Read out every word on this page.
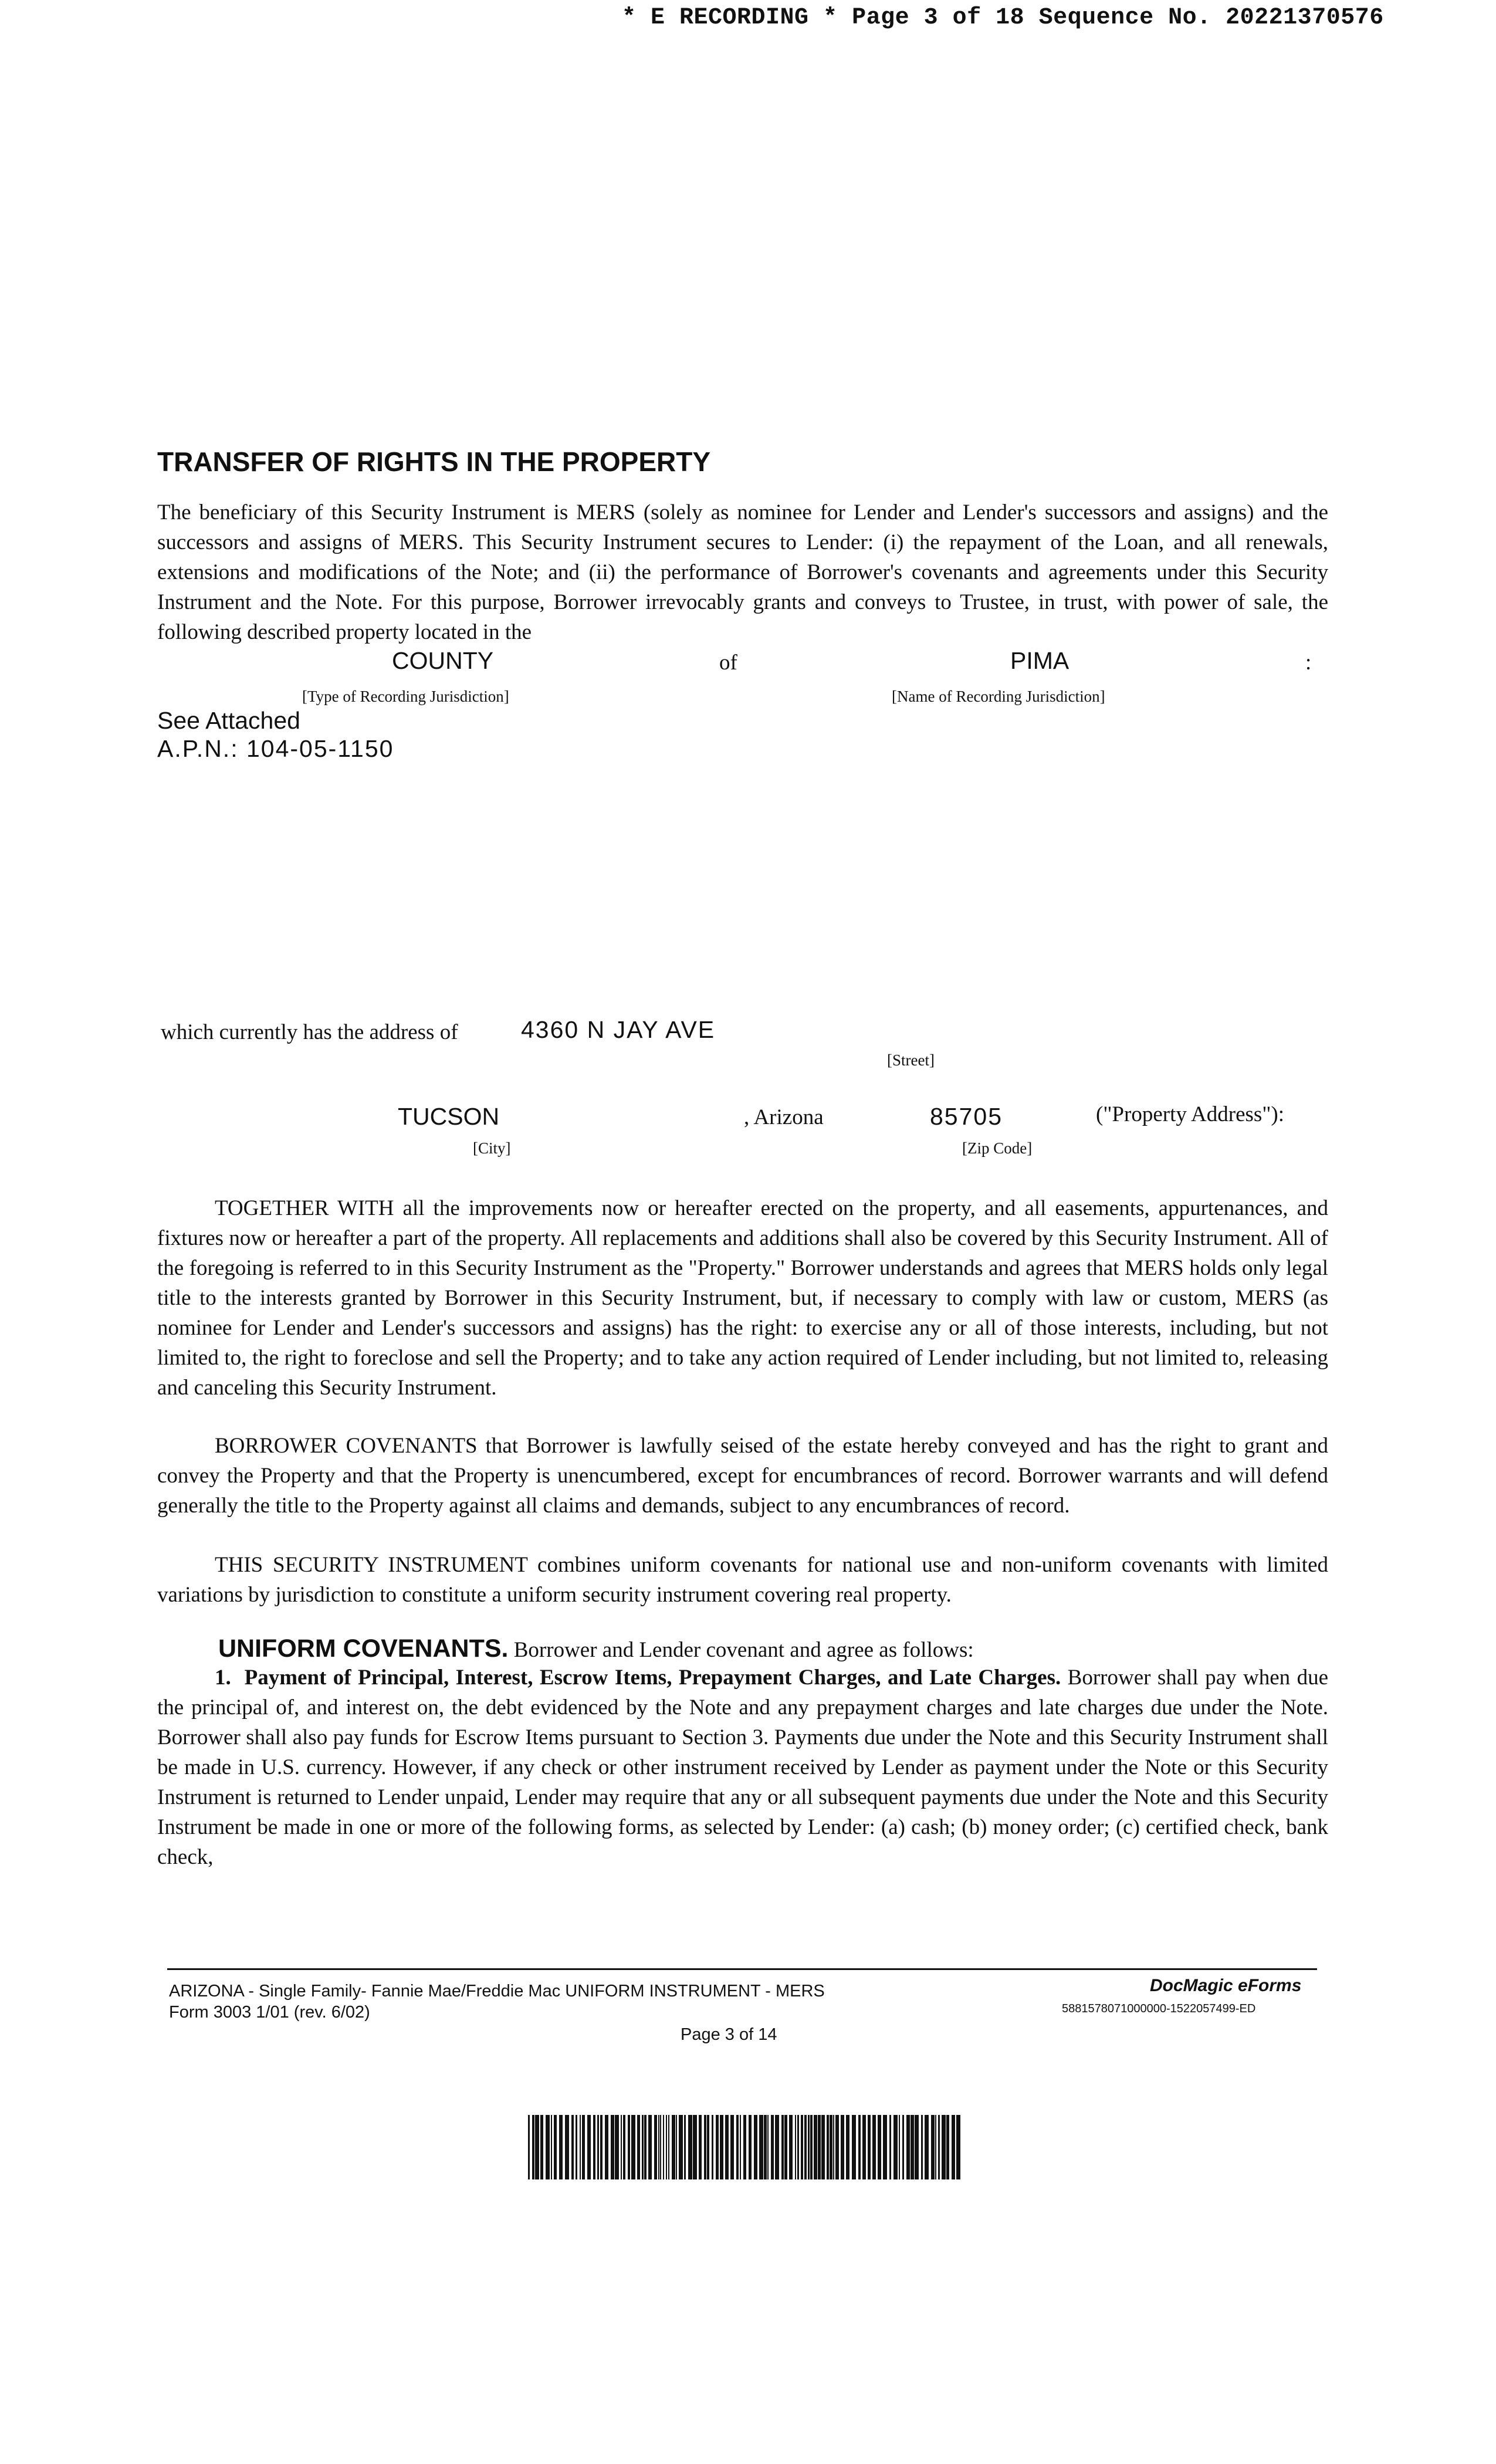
* E RECORDING * Page 3 of 18 Sequence No. 20221370576
TRANSFER OF RIGHTS IN THE PROPERTY
The beneficiary of this Security Instrument is MERS (solely as nominee for Lender and Lender's successors and assigns) and the successors and assigns of MERS. This Security Instrument secures to Lender: (i) the repayment of the Loan, and all renewals, extensions and modifications of the Note; and (ii) the performance of Borrower's covenants and agreements under this Security Instrument and the Note. For this purpose, Borrower irrevocably grants and conveys to Trustee, in trust, with power of sale, the following described property located in the
COUNTY	of	PIMA	:
[Type of Recording Jurisdiction]	[Name of Recording Jurisdiction]
See Attached
A.P.N.: 104-05-1150
which currently has the address of	4360 N JAY AVE
[Street]
TUCSON	, Arizona	85705	("Property Address"):
[City]	[Zip Code]
TOGETHER WITH all the improvements now or hereafter erected on the property, and all easements, appurtenances, and fixtures now or hereafter a part of the property. All replacements and additions shall also be covered by this Security Instrument. All of the foregoing is referred to in this Security Instrument as the "Property." Borrower understands and agrees that MERS holds only legal title to the interests granted by Borrower in this Security Instrument, but, if necessary to comply with law or custom, MERS (as nominee for Lender and Lender's successors and assigns) has the right: to exercise any or all of those interests, including, but not limited to, the right to foreclose and sell the Property; and to take any action required of Lender including, but not limited to, releasing and canceling this Security Instrument.
BORROWER COVENANTS that Borrower is lawfully seised of the estate hereby conveyed and has the right to grant and convey the Property and that the Property is unencumbered, except for encumbrances of record. Borrower warrants and will defend generally the title to the Property against all claims and demands, subject to any encumbrances of record.
THIS SECURITY INSTRUMENT combines uniform covenants for national use and non-uniform covenants with limited variations by jurisdiction to constitute a uniform security instrument covering real property.
UNIFORM COVENANTS. Borrower and Lender covenant and agree as follows:
1. Payment of Principal, Interest, Escrow Items, Prepayment Charges, and Late Charges. Borrower shall pay when due the principal of, and interest on, the debt evidenced by the Note and any prepayment charges and late charges due under the Note. Borrower shall also pay funds for Escrow Items pursuant to Section 3. Payments due under the Note and this Security Instrument shall be made in U.S. currency. However, if any check or other instrument received by Lender as payment under the Note or this Security Instrument is returned to Lender unpaid, Lender may require that any or all subsequent payments due under the Note and this Security Instrument be made in one or more of the following forms, as selected by Lender: (a) cash; (b) money order; (c) certified check, bank check,
ARIZONA - Single Family- Fannie Mae/Freddie Mac UNIFORM INSTRUMENT - MERS
Form 3003 1/01 (rev. 6/02)
Page 3 of 14
DocMagic eForms
5881578071000000-1522057499-ED
